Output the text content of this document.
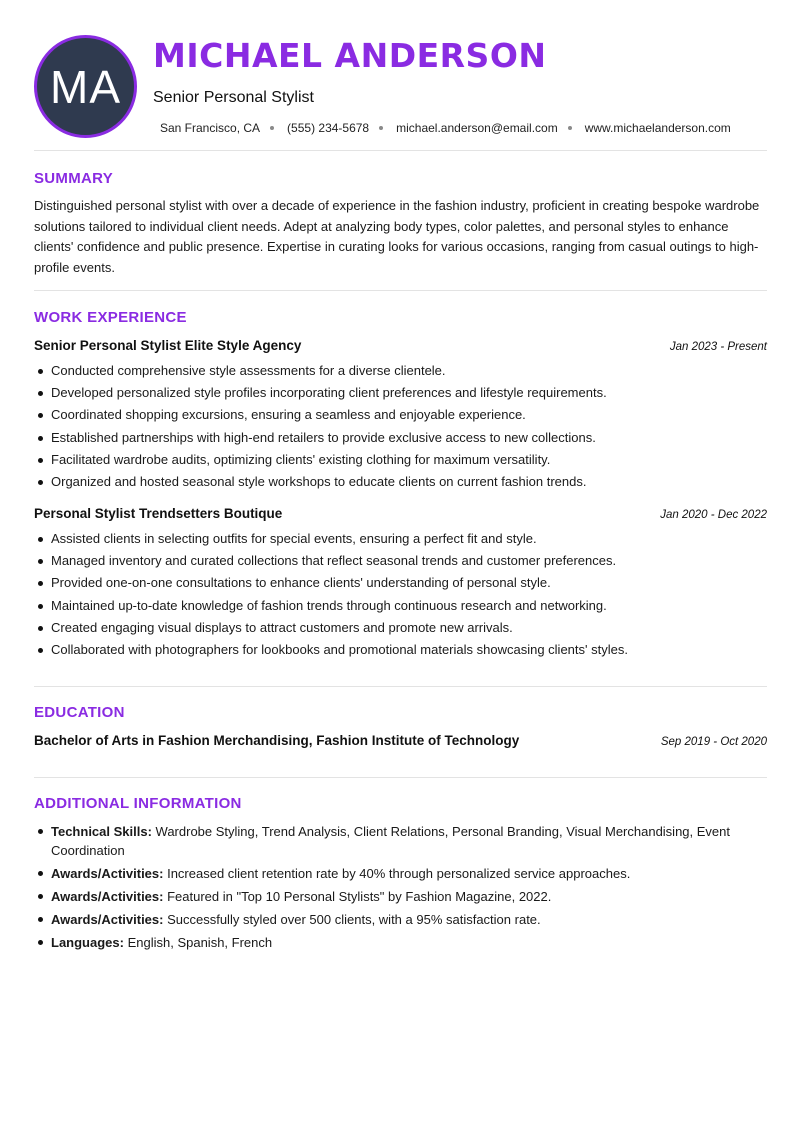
MA
MICHAEL ANDERSON
Senior Personal Stylist
San Francisco, CA (555) 234-5678 michael.anderson@email.com www.michaelanderson.com
SUMMARY
Distinguished personal stylist with over a decade of experience in the fashion industry, proficient in creating bespoke wardrobe solutions tailored to individual client needs. Adept at analyzing body types, color palettes, and personal styles to enhance clients' confidence and public presence. Expertise in curating looks for various occasions, ranging from casual outings to high-profile events.
WORK EXPERIENCE
Senior Personal Stylist Elite Style Agency	Jan 2023 - Present
Conducted comprehensive style assessments for a diverse clientele.
Developed personalized style profiles incorporating client preferences and lifestyle requirements.
Coordinated shopping excursions, ensuring a seamless and enjoyable experience.
Established partnerships with high-end retailers to provide exclusive access to new collections.
Facilitated wardrobe audits, optimizing clients' existing clothing for maximum versatility.
Organized and hosted seasonal style workshops to educate clients on current fashion trends.
Personal Stylist Trendsetters Boutique	Jan 2020 - Dec 2022
Assisted clients in selecting outfits for special events, ensuring a perfect fit and style.
Managed inventory and curated collections that reflect seasonal trends and customer preferences.
Provided one-on-one consultations to enhance clients' understanding of personal style.
Maintained up-to-date knowledge of fashion trends through continuous research and networking.
Created engaging visual displays to attract customers and promote new arrivals.
Collaborated with photographers for lookbooks and promotional materials showcasing clients' styles.
EDUCATION
Bachelor of Arts in Fashion Merchandising, Fashion Institute of Technology	Sep 2019 - Oct 2020
ADDITIONAL INFORMATION
Technical Skills: Wardrobe Styling, Trend Analysis, Client Relations, Personal Branding, Visual Merchandising, Event Coordination
Awards/Activities: Increased client retention rate by 40% through personalized service approaches.
Awards/Activities: Featured in "Top 10 Personal Stylists" by Fashion Magazine, 2022.
Awards/Activities: Successfully styled over 500 clients, with a 95% satisfaction rate.
Languages: English, Spanish, French
